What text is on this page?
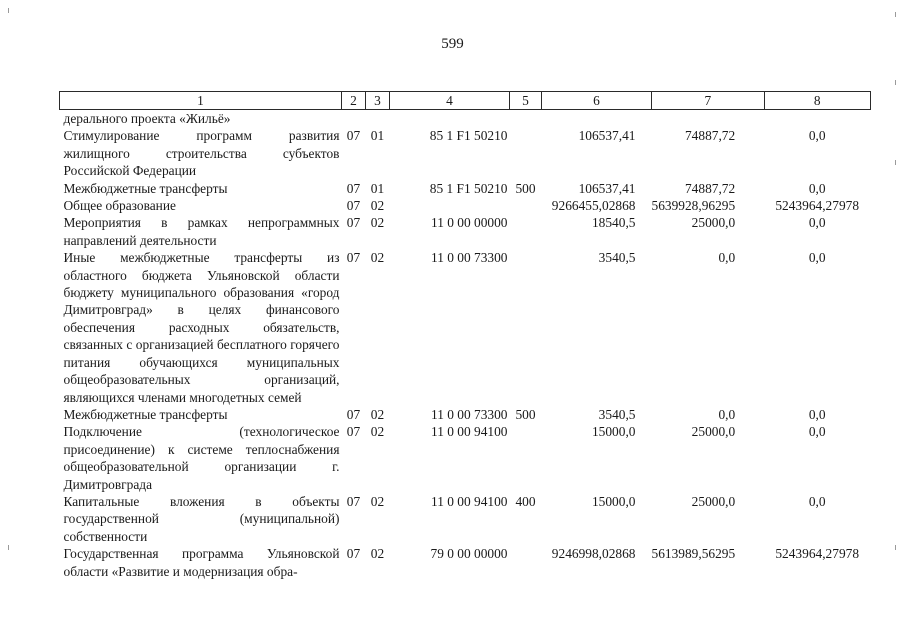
599
1	2	3	4	5	6	7	8
дерального проекта «Жильё»							
Стимулирование программ развития жилищного строительства субъектов Российской Федерации	07	01	85 1 F1 50210		106537,41	74887,72	0,0
Межбюджетные трансферты	07	01	85 1 F1 50210	500	106537,41	74887,72	0,0
Общее образование	07	02			9266455,02868	5639928,96295	5243964,27978
Мероприятия в рамках непрограммных направлений деятельности	07	02	11 0 00 00000		18540,5	25000,0	0,0
Иные межбюджетные трансферты из областного бюджета Ульяновской области бюджету муниципального образования «город Димитровград» в целях финансового обеспечения расходных обязательств, связанных с организацией бесплатного горячего питания обучающихся муниципальных общеобразовательных организаций, являющихся членами многодетных семей	07	02	11 0 00 73300		3540,5	0,0	0,0
Межбюджетные трансферты	07	02	11 0 00 73300	500	3540,5	0,0	0,0
Подключение (технологическое присоединение) к системе теплоснабжения общеобразовательной организации г. Димитровграда	07	02	11 0 00 94100		15000,0	25000,0	0,0
Капитальные вложения в объекты государственной (муниципальной) собственности	07	02	11 0 00 94100	400	15000,0	25000,0	0,0
Государственная программа Ульяновской области «Развитие и модернизация обра-	07	02	79 0 00 00000		9246998,02868	5613989,56295	5243964,27978
